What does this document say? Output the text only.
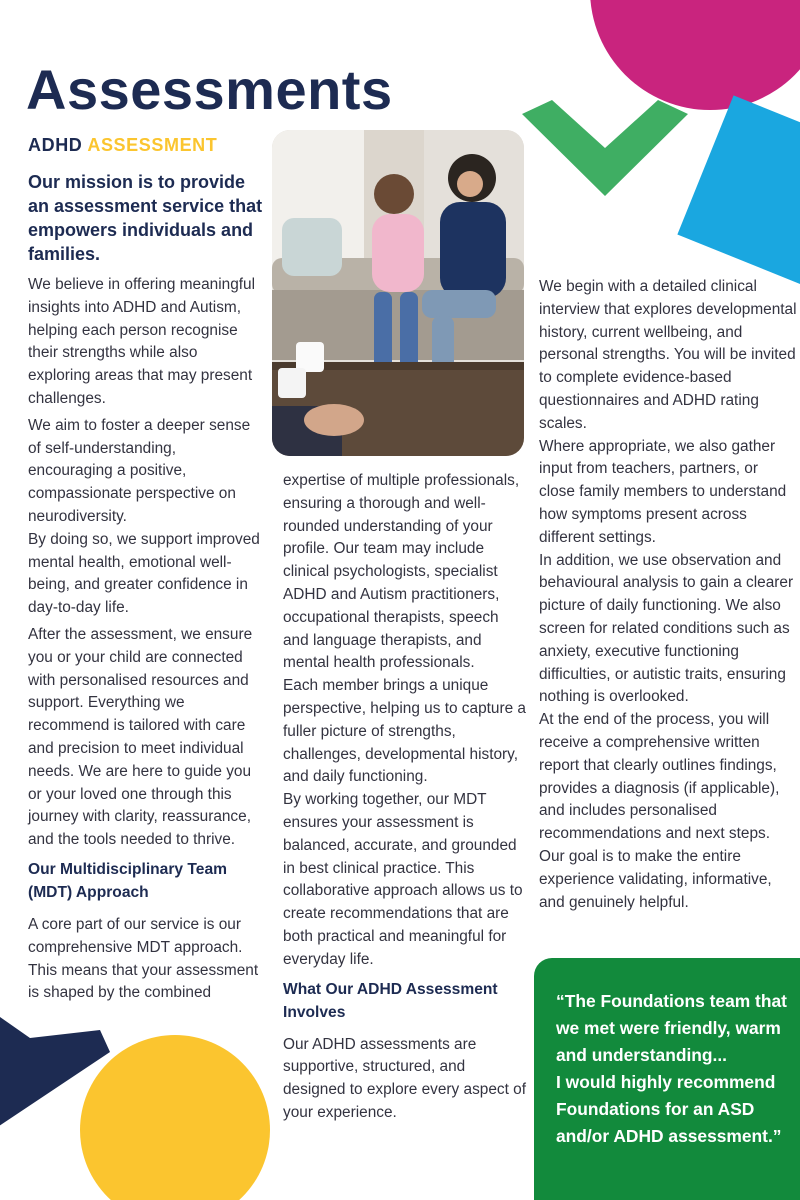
Assessments
ADHD ASSESSMENT

Our mission is to provide an assessment service that empowers individuals and families.

We believe in offering meaningful insights into ADHD and Autism, helping each person recognise their strengths while also exploring areas that may present challenges.

We aim to foster a deeper sense of self-understanding, encouraging a positive, compassionate perspective on neurodiversity.

By doing so, we support improved mental health, emotional well-being, and greater confidence in day-to-day life.

After the assessment, we ensure you or your child are connected with personalised resources and support. Everything we recommend is tailored with care and precision to meet individual needs. We are here to guide you or your loved one through this journey with clarity, reassurance, and the tools needed to thrive.

Our Multidisciplinary Team (MDT) Approach

A core part of our service is our comprehensive MDT approach. This means that your assessment is shaped by the combined

expertise of multiple professionals, ensuring a thorough and well-rounded understanding of your profile. Our team may include clinical psychologists, specialist ADHD and Autism practitioners, occupational therapists, speech and language therapists, and mental health professionals.

Each member brings a unique perspective, helping us to capture a fuller picture of strengths, challenges, developmental history, and daily functioning.

By working together, our MDT ensures your assessment is balanced, accurate, and grounded in best clinical practice. This collaborative approach allows us to create recommendations that are both practical and meaningful for everyday life.

What Our ADHD Assessment Involves

Our ADHD assessments are supportive, structured, and designed to explore every aspect of your experience.

We begin with a detailed clinical interview that explores developmental history, current wellbeing, and personal strengths. You will be invited to complete evidence-based questionnaires and ADHD rating scales.

Where appropriate, we also gather input from teachers, partners, or close family members to understand how symptoms present across different settings.

In addition, we use observation and behavioural analysis to gain a clearer picture of daily functioning. We also screen for related conditions such as anxiety, executive functioning difficulties, or autistic traits, ensuring nothing is overlooked.

At the end of the process, you will receive a comprehensive written report that clearly outlines findings, provides a diagnosis (if applicable), and includes personalised recommendations and next steps.

Our goal is to make the entire experience validating, informative, and genuinely helpful.

“The Foundations team that we met were friendly, warm and understanding...
I would highly recommend Foundations for an ASD and/or ADHD assessment.”
